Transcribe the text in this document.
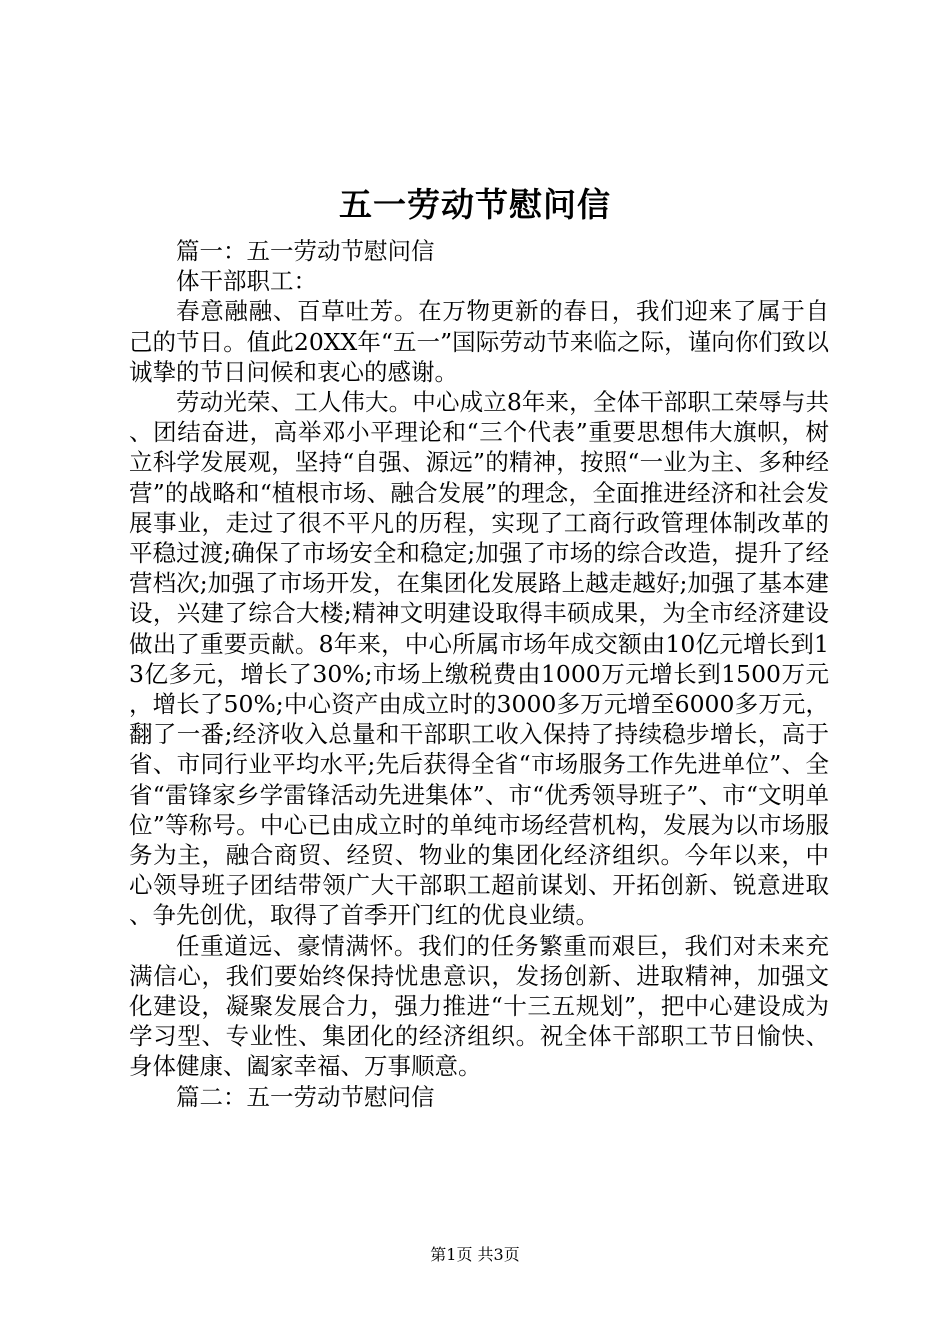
五一劳动节慰问信

篇一：五一劳动节慰问信

体干部职工：

春意融融、百草吐芳。在万物更新的春日，我们迎来了属于自己的节日。值此20XX年“五一”国际劳动节来临之际，谨向你们致以诚挚的节日问候和衷心的感谢。

劳动光荣、工人伟大。中心成立8年来，全体干部职工荣辱与共、团结奋进，高举邓小平理论和“三个代表”重要思想伟大旗帜，树立科学发展观，坚持“自强、源远”的精神，按照“一业为主、多种经营”的战略和“植根市场、融合发展”的理念，全面推进经济和社会发展事业，走过了很不平凡的历程，实现了工商行政管理体制改革的平稳过渡;确保了市场安全和稳定;加强了市场的综合改造，提升了经营档次;加强了市场开发，在集团化发展路上越走越好;加强了基本建设，兴建了综合大楼;精神文明建设取得丰硕成果，为全市经济建设做出了重要贡献。8年来，中心所属市场年成交额由10亿元增长到13亿多元，增长了30%;市场上缴税费由1000万元增长到1500万元，增长了50%;中心资产由成立时的3000多万元增至6000多万元，翻了一番;经济收入总量和干部职工收入保持了持续稳步增长，高于省、市同行业平均水平;先后获得全省“市场服务工作先进单位”、全省“雷锋家乡学雷锋活动先进集体”、市“优秀领导班子”、市“文明单位”等称号。中心已由成立时的单纯市场经营机构，发展为以市场服务为主，融合商贸、经贸、物业的集团化经济组织。今年以来，中心领导班子团结带领广大干部职工超前谋划、开拓创新、锐意进取、争先创优，取得了首季开门红的优良业绩。

任重道远、豪情满怀。我们的任务繁重而艰巨，我们对未来充满信心，我们要始终保持忧患意识，发扬创新、进取精神，加强文化建设，凝聚发展合力，强力推进“十三五规划”，把中心建设成为学习型、专业性、集团化的经济组织。祝全体干部职工节日愉快、身体健康、阖家幸福、万事顺意。

篇二：五一劳动节慰问信

第1页 共3页
